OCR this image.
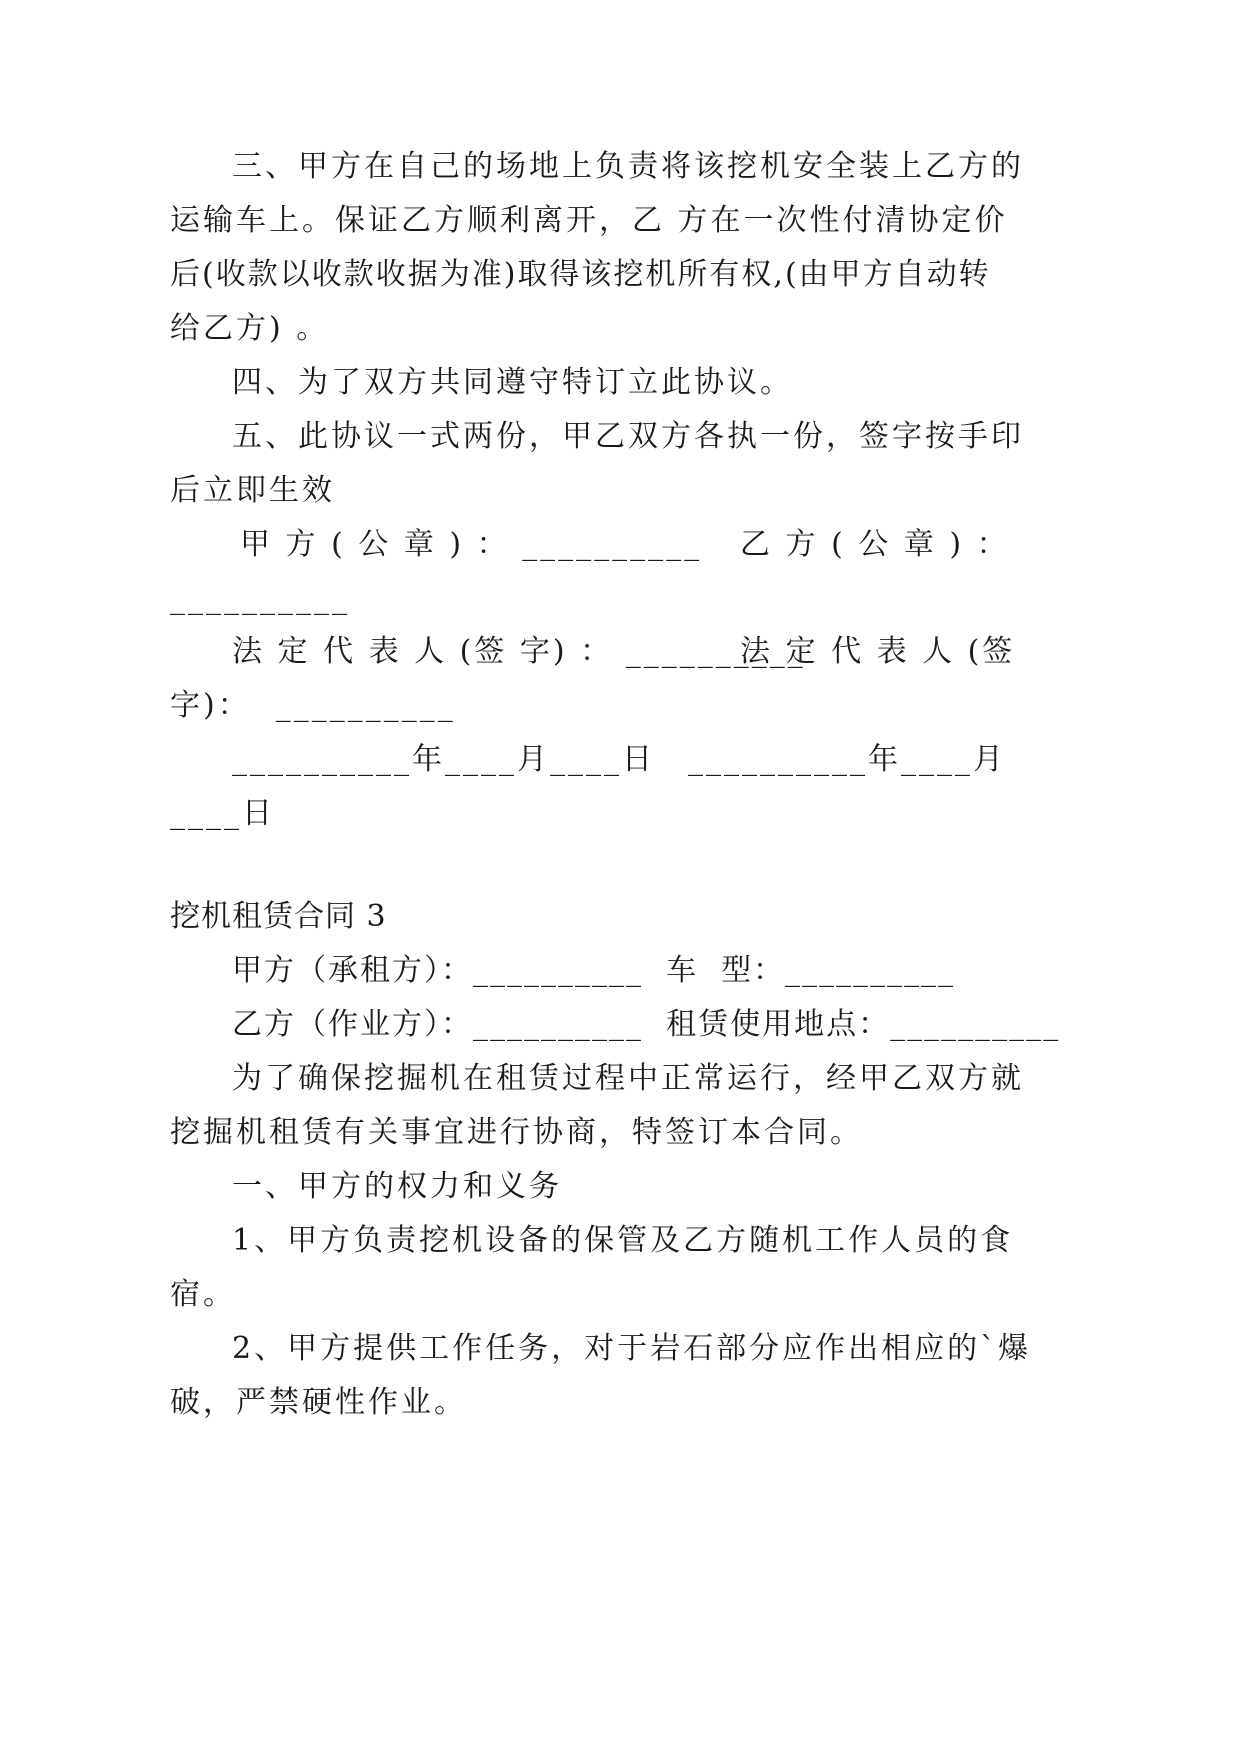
三、甲方在自己的场地上负责将该挖机安全装上乙方的
运输车上。保证乙方顺利离开，乙 方在一次性付清协定价
后(收款以收款收据为准)取得该挖机所有权,(由甲方自动转
给乙方) 。
四、为了双方共同遵守特订立此协议。
五、此协议一式两份，甲乙双方各执一份，签字按手印
后立即生效
甲 方 ( 公 章 ) ： __________ 乙 方 ( 公 章 ) ：
__________
法 定 代 表 人 (签 字) ： __________
法 定 代 表 人 (签
字)：  __________
__________年____月____日 __________年____月
____日
挖机租赁合同 3
甲方（承租方）：__________  车  型：__________
乙方（作业方）：__________  租赁使用地点：__________
为了确保挖掘机在租赁过程中正常运行，经甲乙双方就
挖掘机租赁有关事宜进行协商，特签订本合同。
一、甲方的权力和义务
1、甲方负责挖机设备的保管及乙方随机工作人员的食
宿。
2、甲方提供工作任务，对于岩石部分应作出相应的`爆
破，严禁硬性作业。
